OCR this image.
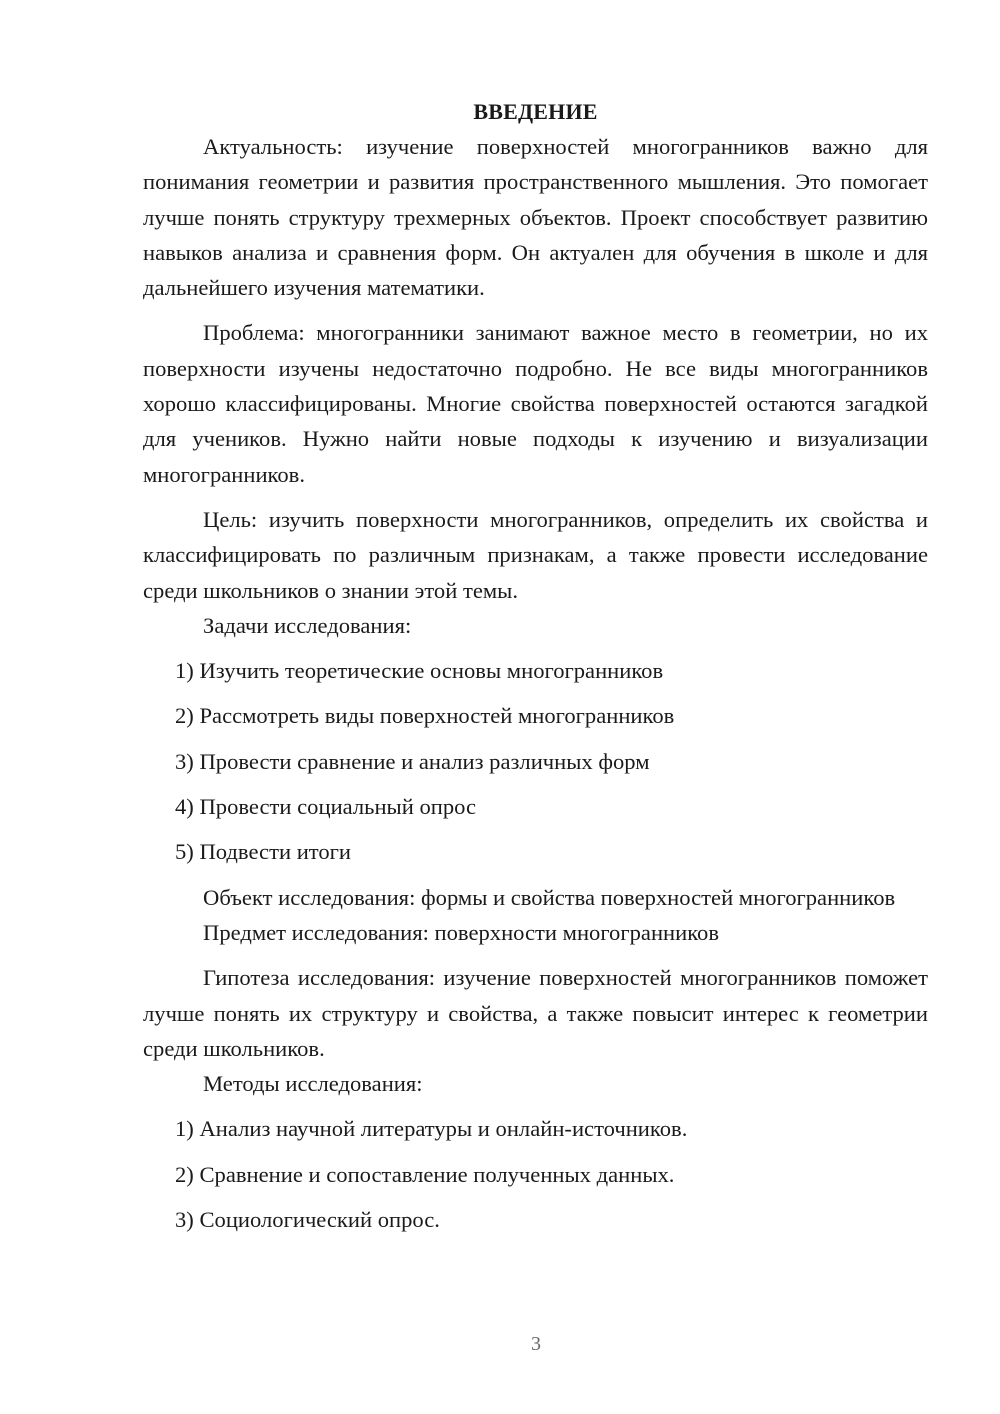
ВВЕДЕНИЕ

Актуальность: изучение поверхностей многогранников важно для понимания геометрии и развития пространственного мышления. Это помогает лучше понять структуру трехмерных объектов. Проект способствует развитию навыков анализа и сравнения форм. Он актуален для обучения в школе и для дальнейшего изучения математики.

Проблема: многогранники занимают важное место в геометрии, но их поверхности изучены недостаточно подробно. Не все виды многогранников хорошо классифицированы. Многие свойства поверхностей остаются загадкой для учеников. Нужно найти новые подходы к изучению и визуализации многогранников.

Цель: изучить поверхности многогранников, определить их свойства и классифицировать по различным признакам, а также провести исследование среди школьников о знании этой темы.

Задачи исследования:

1) Изучить теоретические основы многогранников

2) Рассмотреть виды поверхностей многогранников

3) Провести сравнение и анализ различных форм

4) Провести социальный опрос

5) Подвести итоги

Объект исследования: формы и свойства поверхностей многогранников

Предмет исследования: поверхности многогранников

Гипотеза исследования: изучение поверхностей многогранников поможет лучше понять их структуру и свойства, а также повысит интерес к геометрии среди школьников.

Методы исследования:

1) Анализ научной литературы и онлайн-источников.

2) Сравнение и сопоставление полученных данных.

3) Социологический опрос.

3
